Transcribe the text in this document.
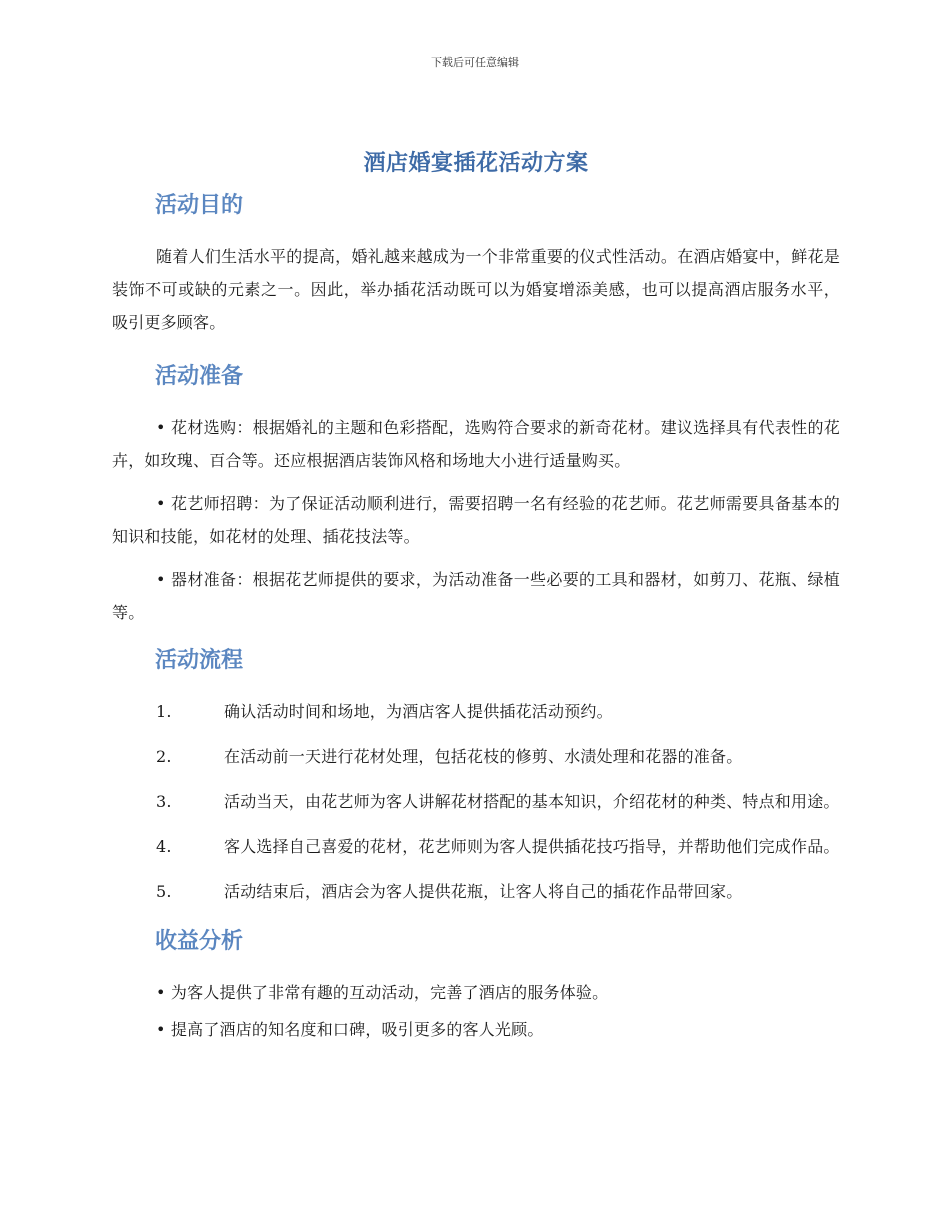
下载后可任意编辑
酒店婚宴插花活动方案
活动目的

随着人们生活水平的提高，婚礼越来越成为一个非常重要的仪式性活动。在酒店婚宴中，鲜花是装饰不可或缺的元素之一。因此，举办插花活动既可以为婚宴增添美感，也可以提高酒店服务水平，吸引更多顾客。

活动准备

• 花材选购：根据婚礼的主题和色彩搭配，选购符合要求的新奇花材。建议选择具有代表性的花卉，如玫瑰、百合等。还应根据酒店装饰风格和场地大小进行适量购买。

• 花艺师招聘：为了保证活动顺利进行，需要招聘一名有经验的花艺师。花艺师需要具备基本的知识和技能，如花材的处理、插花技法等。

• 器材准备：根据花艺师提供的要求，为活动准备一些必要的工具和器材，如剪刀、花瓶、绿植等。

活动流程

1.	确认活动时间和场地，为酒店客人提供插花活动预约。

2.	在活动前一天进行花材处理，包括花枝的修剪、水渍处理和花器的准备。

3.	活动当天，由花艺师为客人讲解花材搭配的基本知识，介绍花材的种类、特点和用途。

4.	客人选择自己喜爱的花材，花艺师则为客人提供插花技巧指导，并帮助他们完成作品。

5.	活动结束后，酒店会为客人提供花瓶，让客人将自己的插花作品带回家。

收益分析

• 为客人提供了非常有趣的互动活动，完善了酒店的服务体验。

• 提高了酒店的知名度和口碑，吸引更多的客人光顾。
